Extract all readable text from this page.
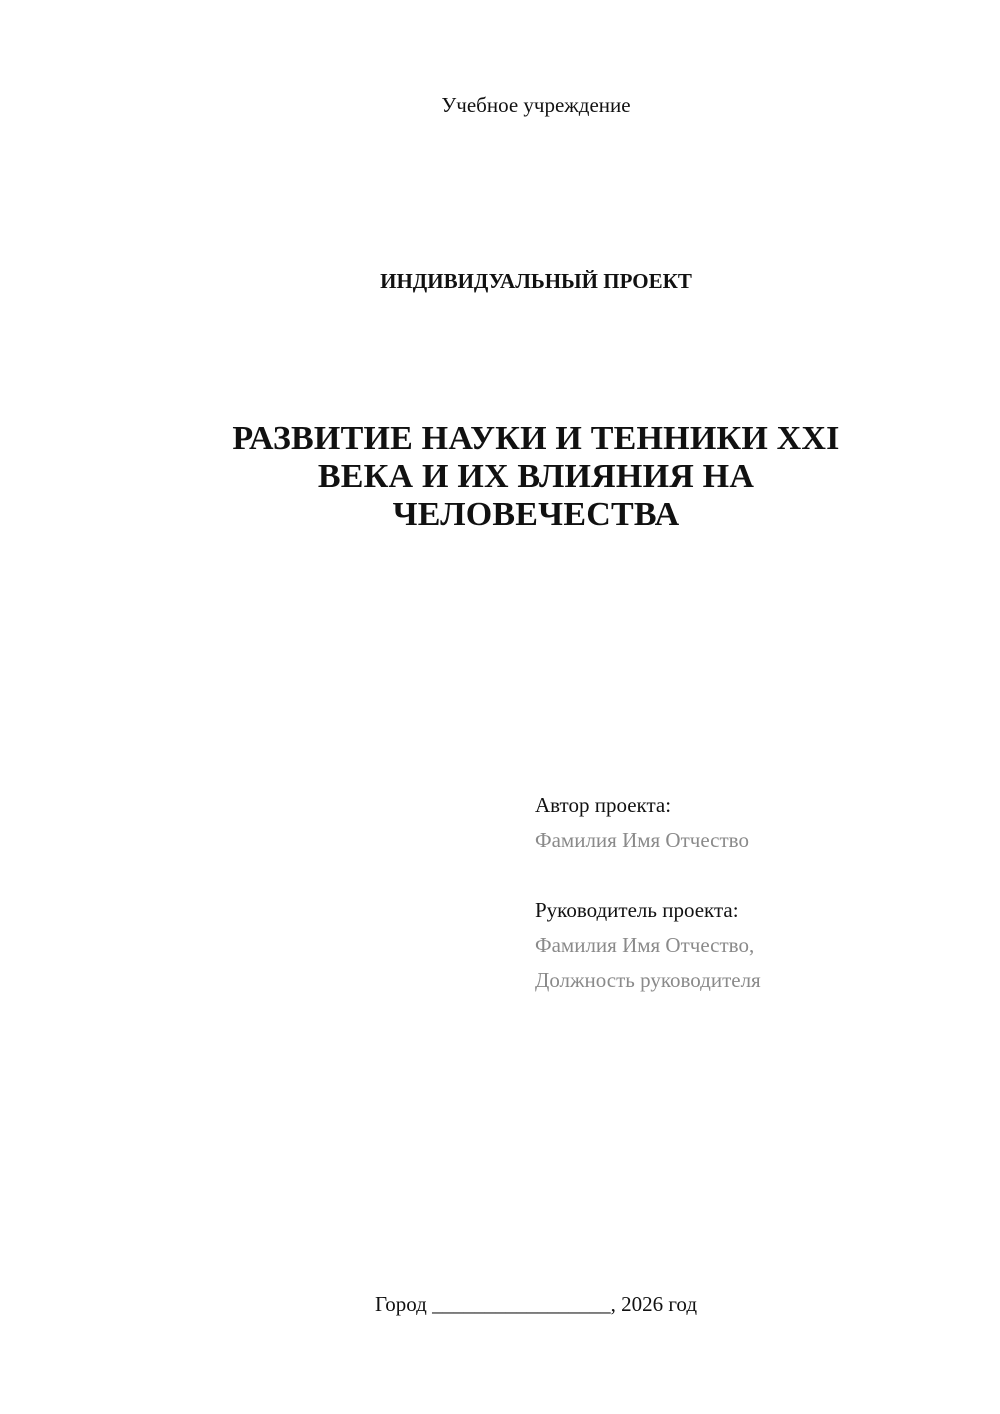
Учебное учреждение
ИНДИВИДУАЛЬНЫЙ ПРОЕКТ
РАЗВИТИЕ НАУКИ И ТЕННИКИ XXI
ВЕКА И ИХ ВЛИЯНИЯ НА
ЧЕЛОВЕЧЕСТВА
Автор проекта:
Фамилия Имя Отчество
Руководитель проекта:
Фамилия Имя Отчество,
Должность руководителя
Город _________________, 2026 год
